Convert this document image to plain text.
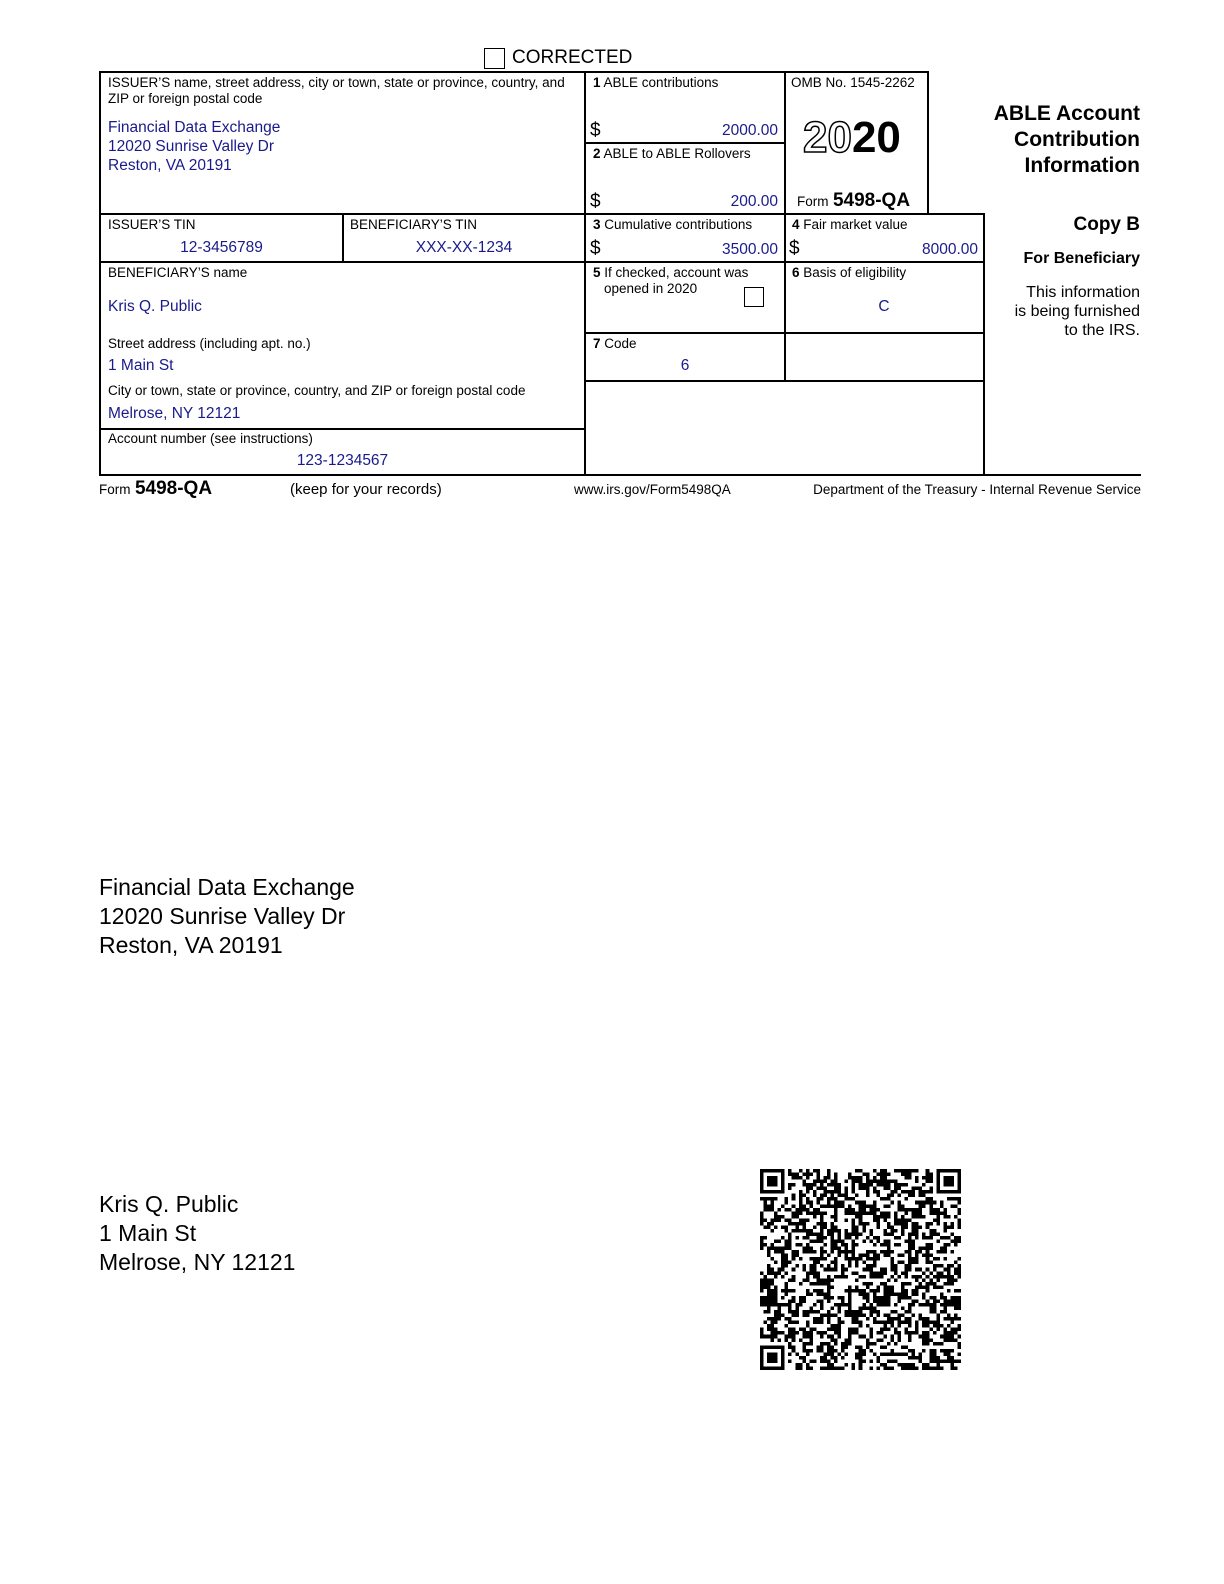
CORRECTED
ISSUER’S name, street address, city or town, state or province, country, and ZIP or foreign postal code
Financial Data Exchange
12020 Sunrise Valley Dr
Reston, VA 20191
1 ABLE contributions
$	2000.00
2 ABLE to ABLE Rollovers
$	200.00
OMB No. 1545-2262
2020
Form 5498-QA
ABLE Account
Contribution
Information
Copy B
For Beneficiary
This information
is being furnished
to the IRS.
ISSUER’S TIN
12-3456789
BENEFICIARY’S TIN
XXX-XX-1234
3 Cumulative contributions
$	3500.00
4 Fair market value
$	8000.00
BENEFICIARY’S name
Kris Q. Public
5 If checked, account was
opened in 2020
6 Basis of eligibility
C
Street address (including apt. no.)
1 Main St
7 Code
6
City or town, state or province, country, and ZIP or foreign postal code
Melrose, NY 12121
Account number (see instructions)
123-1234567
Form 5498-QA	(keep for your records)	www.irs.gov/Form5498QA	Department of the Treasury - Internal Revenue Service
Financial Data Exchange
12020 Sunrise Valley Dr
Reston, VA 20191
Kris Q. Public
1 Main St
Melrose, NY 12121
